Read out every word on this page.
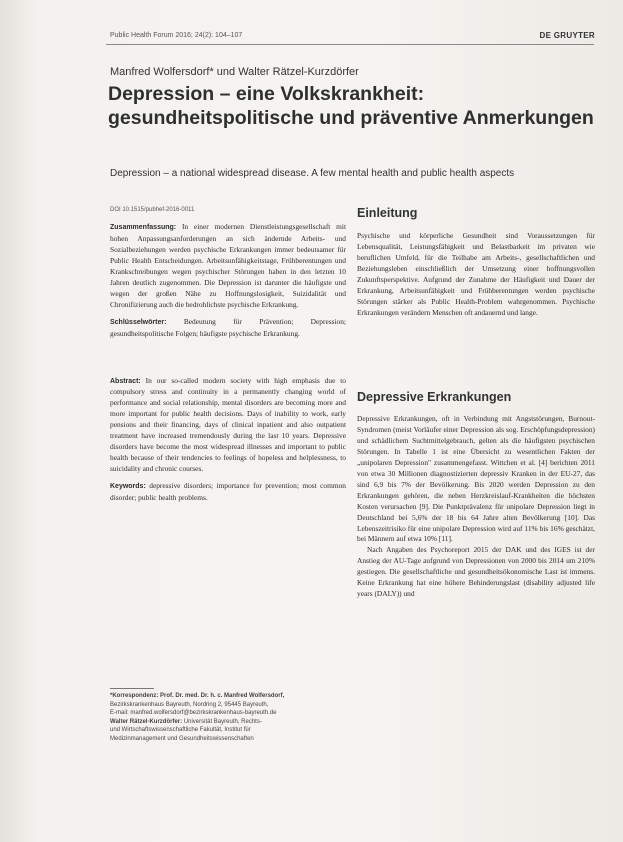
Public Health Forum 2016; 24(2): 104–107	DE GRUYTER
Manfred Wolfersdorf* und Walter Rätzel-Kurzdörfer
Depression – eine Volkskrankheit: gesundheitspolitische und präventive Anmerkungen
Depression – a national widespread disease. A few mental health and public health aspects
DOI 10.1515/pubhef-2016-0011

Zusammenfassung: In einer modernen Dienstleistungsgesellschaft mit hohen Anpassungsanforderungen an sich ändernde Arbeits- und Sozialbeziehungen werden psychische Erkrankungen immer bedeutsamer für Public Health Entscheidungen. Arbeitsunfähigkeitstage, Frühberentungen und Krankschreibungen wegen psychischer Störungen haben in den letzten 10 Jahren deutlich zugenommen. Die Depression ist darunter die häufigste und wegen der großen Nähe zu Hoffnungslosigkeit, Suizidalität und Chronifizierung auch die bedrohlichste psychische Erkrankung.

Schlüsselwörter: Bedeutung für Prävention; Depression; gesundheitspolitische Folgen; häufigste psychische Erkrankung.

Abstract: In our so-called modern society with high emphasis due to compulsory stress and continuity in a permanently changing world of performance and social relationship, mental disorders are becoming more and more important for public health decisions. Days of inability to work, early pensions and their financing, days of clinical inpatient and also outpatient treatment have increased tremendously during the last 10 years. Depressive disorders have become the most widespread illnesses and important to public health because of their tendencies to feelings of hopeless and helplessness, to suicidality and chronic courses.

Keywords: depressive disorders; importance for prevention; most common disorder; public health problems.

*Korrespondenz: Prof. Dr. med. Dr. h. c. Manfred Wolfersdorf,
Bezirkskrankenhaus Bayreuth, Nordring 2, 95445 Bayreuth,
E-mail: manfred.wolfersdorf@bezirkskrankenhaus-bayreuth.de
Walter Rätzel-Kurzdörfer: Universität Bayreuth, Rechts-
und Wirtschaftswissenschaftliche Fakultät, Institut für
Medizinmanagement und Gesundheitswissenschaften
Einleitung
Psychische und körperliche Gesundheit sind Vorаussetzungen für Lebensqualität, Leistungsfähigkeit und Belastbarkeit im privaten wie beruflichen Umfeld, für die Teilhabe am Arbeits-, gesellschaftlichen und Beziehungsleben einschließlich der Umsetzung einer hoffnungsvollen Zukunftsperspektive. Aufgrund der Zunahme der Häufigkeit und Dauer der Erkrankung, Arbeitsunfähigkeit und Frühberentungen werden psychische Störungen stärker als Public Health-Problem wahrgenommen. Psychische Erkrankungen verändern Menschen oft andauernd und lange.
Depressive Erkrankungen

Depressive Erkrankungen, oft in Verbindung mit Angststörungen, Burnout-Syndromen (meist Vorläufer einer Depression als sog. Erschöpfungsdepression) und schädlichem Suchtmittelgebrauch, gelten als die häufigsten psychischen Störungen. In Tabelle 1 ist eine Übersicht zu wesentlichen Fakten der „unipolaren Depression" zusammengefasst. Wittchen et al. [4] berichten 2011 von etwa 30 Millionen diagnostizierten depressiv Kranken in der EU-27, das sind 6,9 bis 7% der Bevölkerung. Bis 2020 werden Depression zu den Erkrankungen gehören, die neben Herzkreislauf-Krankheiten die höchsten Kosten verursachen [9]. Die Punktprävalenz für unipolare Depression liegt in Deutschland bei 5,6% der 18 bis 64 Jahre alten Bevölkerung [10]. Das Lebenszeitrisiko für eine unipolare Depression wird auf 11% bis 16% geschätzt, bei Männern auf etwa 10% [11].

Nach Angaben des Psychoreport 2015 der DAK und des IGES ist der Anstieg der AU-Tage aufgrund von Depressionen von 2000 bis 2014 um 210% gestiegen. Die gesellschaftliche und gesundheitsökonomische Last ist immens. Keine Erkrankung hat eine höhere Behinderungslast (disability adjusted life years (DALY)) und
